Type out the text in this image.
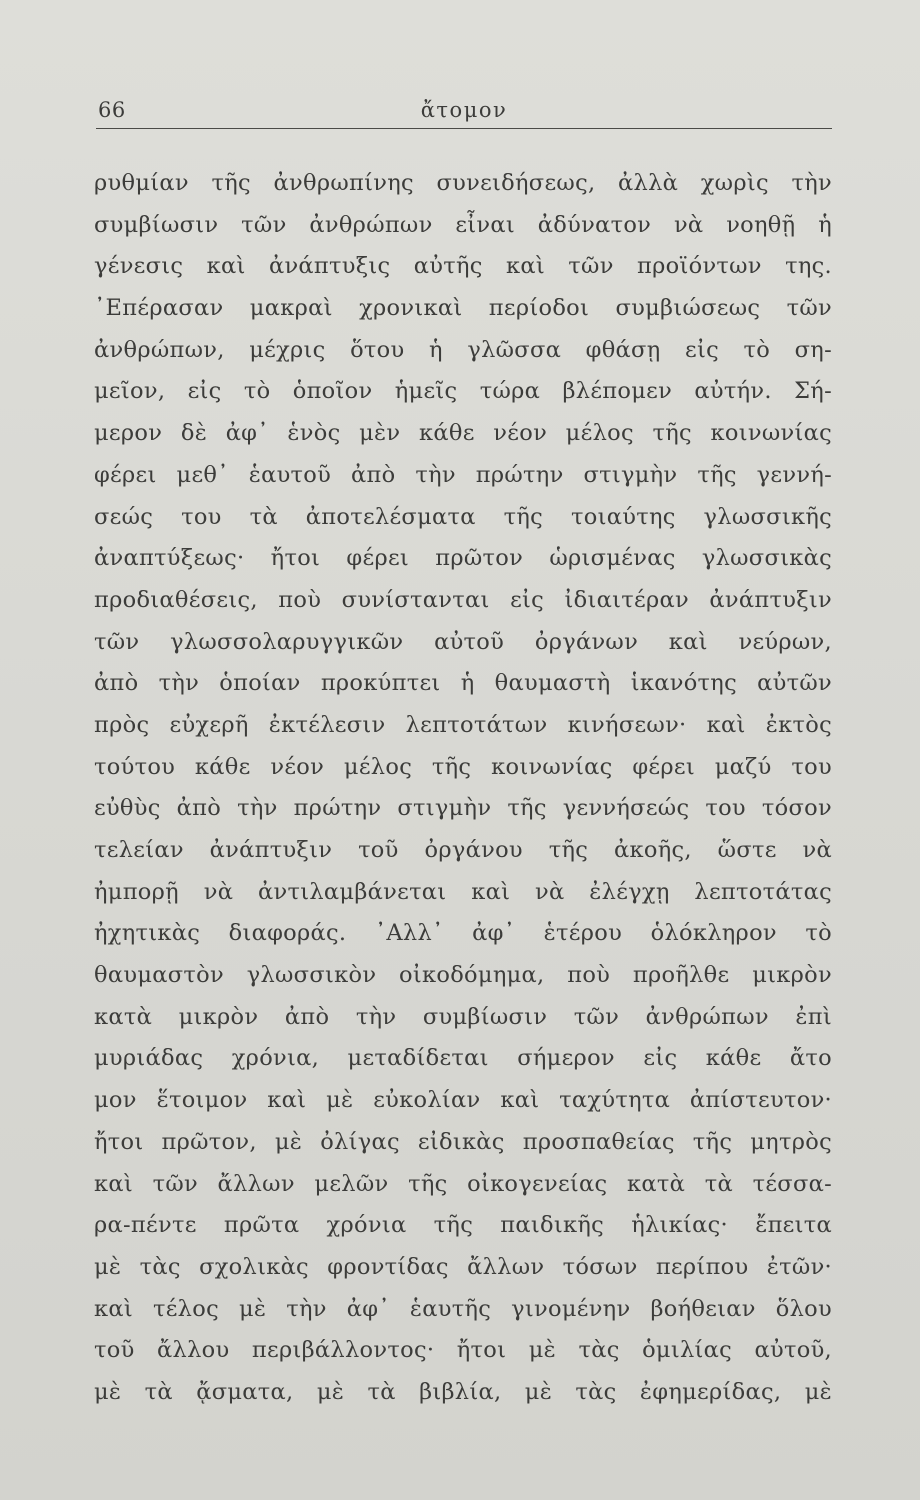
66	ἄτομον
ρυθμίαν τῆς ἀνθρωπίνης συνειδήσεως, ἀλλὰ χωρὶς τὴν
συμβίωσιν τῶν ἀνθρώπων εἶναι ἀδύνατον νὰ νοηθῇ ἡ
γένεσις καὶ ἀνάπτυξις αὐτῆς καὶ τῶν προϊόντων της.
᾿Επέρασαν μακραὶ χρονικαὶ περίοδοι συμβιώσεως τῶν
ἀνθρώπων, μέχρις ὅτου ἡ γλῶσσα φθάσῃ εἰς τὸ ση-
μεῖον, εἰς τὸ ὁποῖον ἡμεῖς τώρα βλέπομεν αὐτήν. Σή-
μερον δὲ ἀφ᾿ ἑνὸς μὲν κάθε νέον μέλος τῆς κοινωνίας
φέρει μεθ᾿ ἑαυτοῦ ἀπὸ τὴν πρώτην στιγμὴν τῆς γεννή-
σεώς του τὰ ἀποτελέσματα τῆς τοιαύτης γλωσσικῆς
ἀναπτύξεως· ἤτοι φέρει πρῶτον ὡρισμένας γλωσσικὰς
προδιαθέσεις, ποὺ συνίστανται εἰς ἰδιαιτέραν ἀνάπτυξιν
τῶν γλωσσολαρυγγικῶν αὐτοῦ ὀργάνων καὶ νεύρων,
ἀπὸ τὴν ὁποίαν προκύπτει ἡ θαυμαστὴ ἱκανότης αὐτῶν
πρὸς εὐχερῆ ἐκτέλεσιν λεπτοτάτων κινήσεων· καὶ ἐκτὸς
τούτου κάθε νέον μέλος τῆς κοινωνίας φέρει μαζύ του
εὐθὺς ἀπὸ τὴν πρώτην στιγμὴν τῆς γεννήσεώς του τόσον
τελείαν ἀνάπτυξιν τοῦ ὀργάνου τῆς ἀκοῆς, ὥστε νὰ
ἠμπορῇ νὰ ἀντιλαμβάνεται καὶ νὰ ἐλέγχῃ λεπτοτάτας
ἠχητικὰς διαφοράς. ᾿Αλλ᾿ ἀφ᾿ ἑτέρου ὁλόκληρον τὸ
θαυμαστὸν γλωσσικὸν οἰκοδόμημα, ποὺ προῆλθε μικρὸν
κατὰ μικρὸν ἀπὸ τὴν συμβίωσιν τῶν ἀνθρώπων ἐπὶ
μυριάδας χρόνια, μεταδίδεται σήμερον εἰς κάθε ἄτο
μον ἕτοιμον καὶ μὲ εὐκολίαν καὶ ταχύτητα ἀπίστευτον·
ἤτοι πρῶτον, μὲ ὀλίγας εἰδικὰς προσπαθείας τῆς μητρὸς
καὶ τῶν ἄλλων μελῶν τῆς οἰκογενείας κατὰ τὰ τέσσα-
ρα-πέντε πρῶτα χρόνια τῆς παιδικῆς ἡλικίας· ἔπειτα
μὲ τὰς σχολικὰς φροντίδας ἄλλων τόσων περίπου ἐτῶν·
καὶ τέλος μὲ τὴν ἀφ᾿ ἑαυτῆς γινομένην βοήθειαν ὅλου
τοῦ ἄλλου περιβάλλοντος· ἤτοι μὲ τὰς ὁμιλίας αὐτοῦ,
μὲ τὰ ᾄσματα, μὲ τὰ βιβλία, μὲ τὰς ἐφημερίδας, μὲ
